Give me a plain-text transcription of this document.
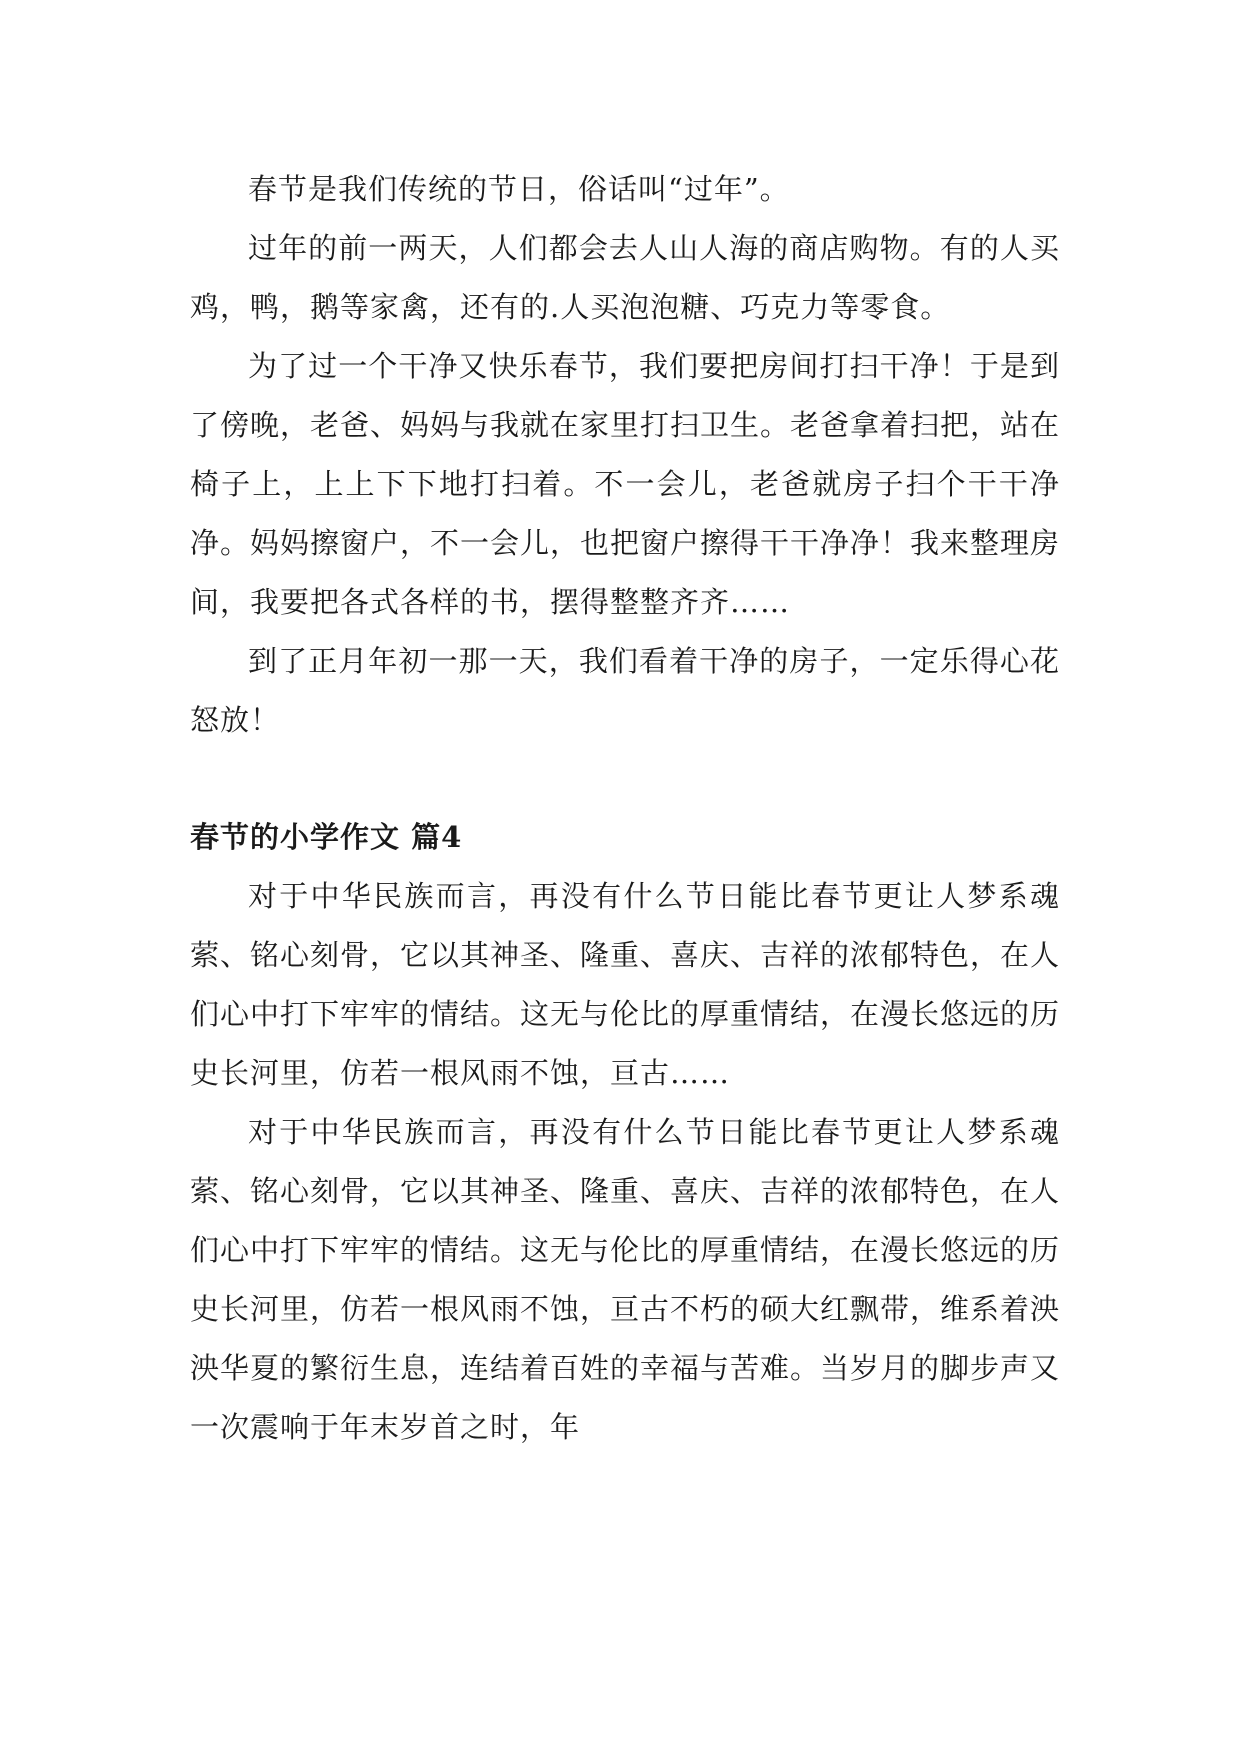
春节是我们传统的节日，俗话叫“过年”。

过年的前一两天，人们都会去人山人海的商店购物。有的人买鸡，鸭，鹅等家禽，还有的.人买泡泡糖、巧克力等零食。

为了过一个干净又快乐春节，我们要把房间打扫干净！于是到了傍晚，老爸、妈妈与我就在家里打扫卫生。老爸拿着扫把，站在椅子上，上上下下地打扫着。不一会儿，老爸就房子扫个干干净净。妈妈擦窗户，不一会儿，也把窗户擦得干干净净！我来整理房间，我要把各式各样的书，摆得整整齐齐……

到了正月年初一那一天，我们看着干净的房子，一定乐得心花怒放！

春节的小学作文 篇4

对于中华民族而言，再没有什么节日能比春节更让人梦系魂萦、铭心刻骨，它以其神圣、隆重、喜庆、吉祥的浓郁特色，在人们心中打下牢牢的情结。这无与伦比的厚重情结，在漫长悠远的历史长河里，仿若一根风雨不蚀，亘古……

对于中华民族而言，再没有什么节日能比春节更让人梦系魂萦、铭心刻骨，它以其神圣、隆重、喜庆、吉祥的浓郁特色，在人们心中打下牢牢的情结。这无与伦比的厚重情结，在漫长悠远的历史长河里，仿若一根风雨不蚀，亘古不朽的硕大红飘带，维系着泱泱华夏的繁衍生息，连结着百姓的幸福与苦难。当岁月的脚步声又一次震响于年末岁首之时，年
